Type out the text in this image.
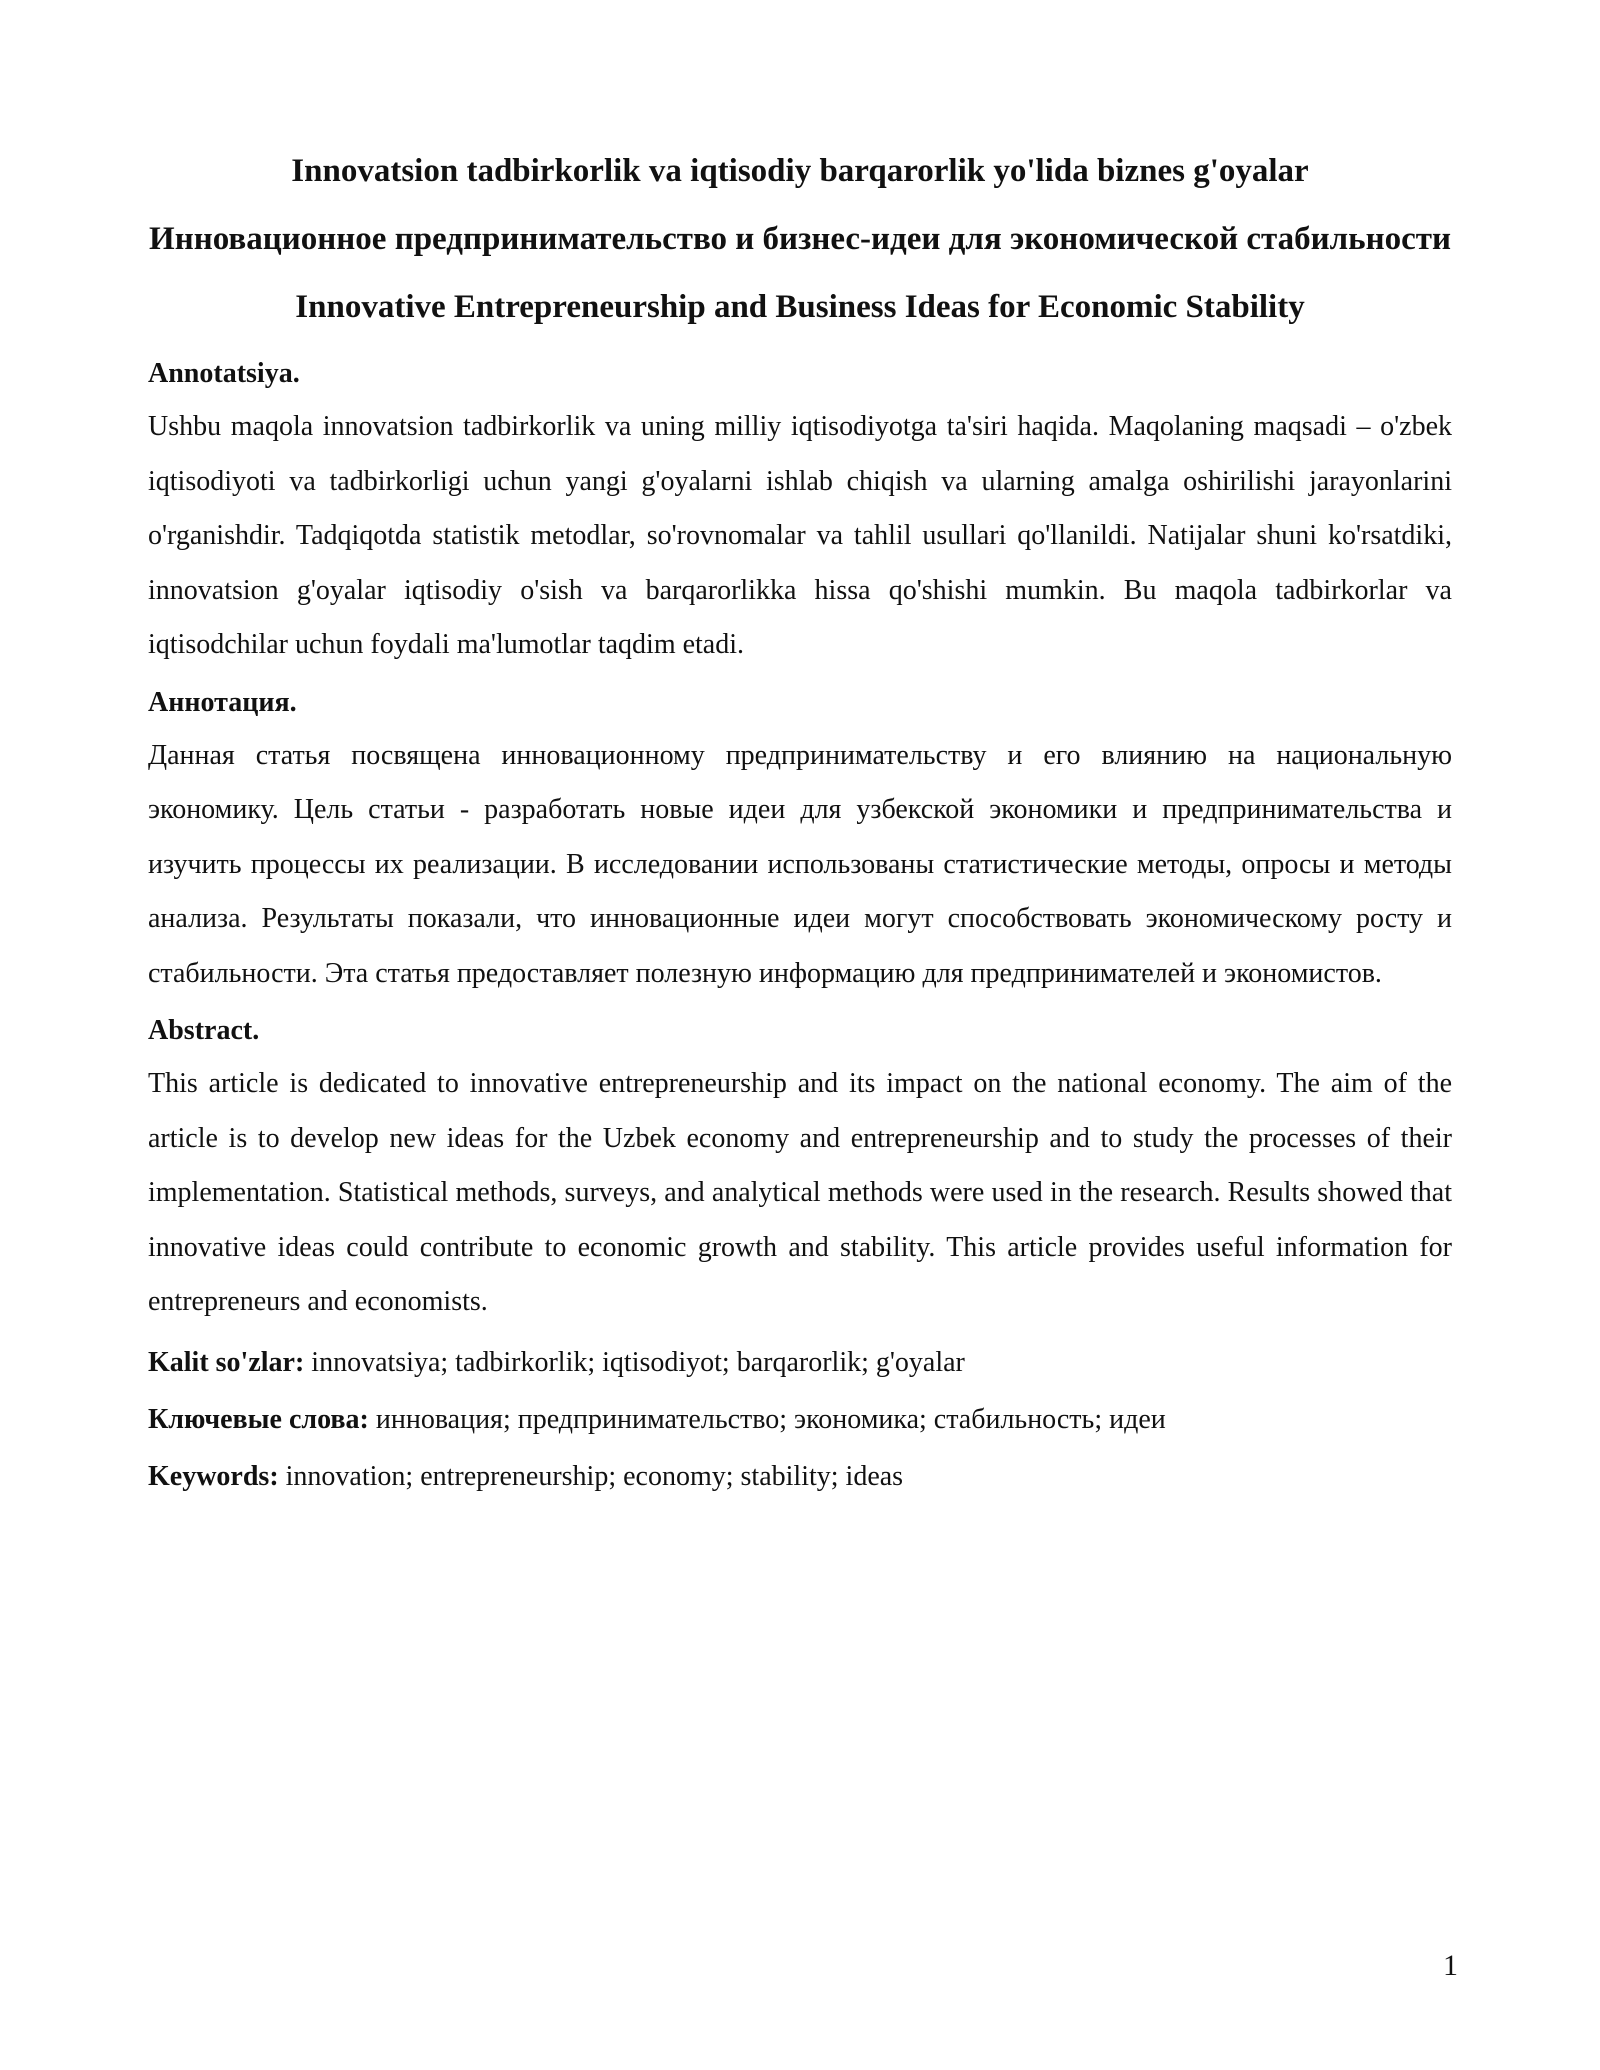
Innovatsion tadbirkorlik va iqtisodiy barqarorlik yo'lida biznes g'oyalar
Инновационное предпринимательство и бизнес-идеи для экономической стабильности
Innovative Entrepreneurship and Business Ideas for Economic Stability
Annotatsiya.
Ushbu maqola innovatsion tadbirkorlik va uning milliy iqtisodiyotga ta'siri haqida. Maqolaning maqsadi – o'zbek iqtisodiyoti va tadbirkorligi uchun yangi g'oyalarni ishlab chiqish va ularning amalga oshirilishi jarayonlarini o'rganishdir. Tadqiqotda statistik metodlar, so'rovnomalar va tahlil usullari qo'llanildi. Natijalar shuni ko'rsatdiki, innovatsion g'oyalar iqtisodiy o'sish va barqarorlikka hissa qo'shishi mumkin. Bu maqola tadbirkorlar va iqtisodchilar uchun foydali ma'lumotlar taqdim etadi.
Аннотация.
Данная статья посвящена инновационному предпринимательству и его влиянию на национальную экономику. Цель статьи - разработать новые идеи для узбекской экономики и предпринимательства и изучить процессы их реализации. В исследовании использованы статистические методы, опросы и методы анализа. Результаты показали, что инновационные идеи могут способствовать экономическому росту и стабильности. Эта статья предоставляет полезную информацию для предпринимателей и экономистов.
Abstract.
This article is dedicated to innovative entrepreneurship and its impact on the national economy. The aim of the article is to develop new ideas for the Uzbek economy and entrepreneurship and to study the processes of their implementation. Statistical methods, surveys, and analytical methods were used in the research. Results showed that innovative ideas could contribute to economic growth and stability. This article provides useful information for entrepreneurs and economists.
Kalit so'zlar: innovatsiya; tadbirkorlik; iqtisodiyot; barqarorlik; g'oyalar
Ключевые слова: инновация; предпринимательство; экономика; стабильность; идеи
Keywords: innovation; entrepreneurship; economy; stability; ideas
1
